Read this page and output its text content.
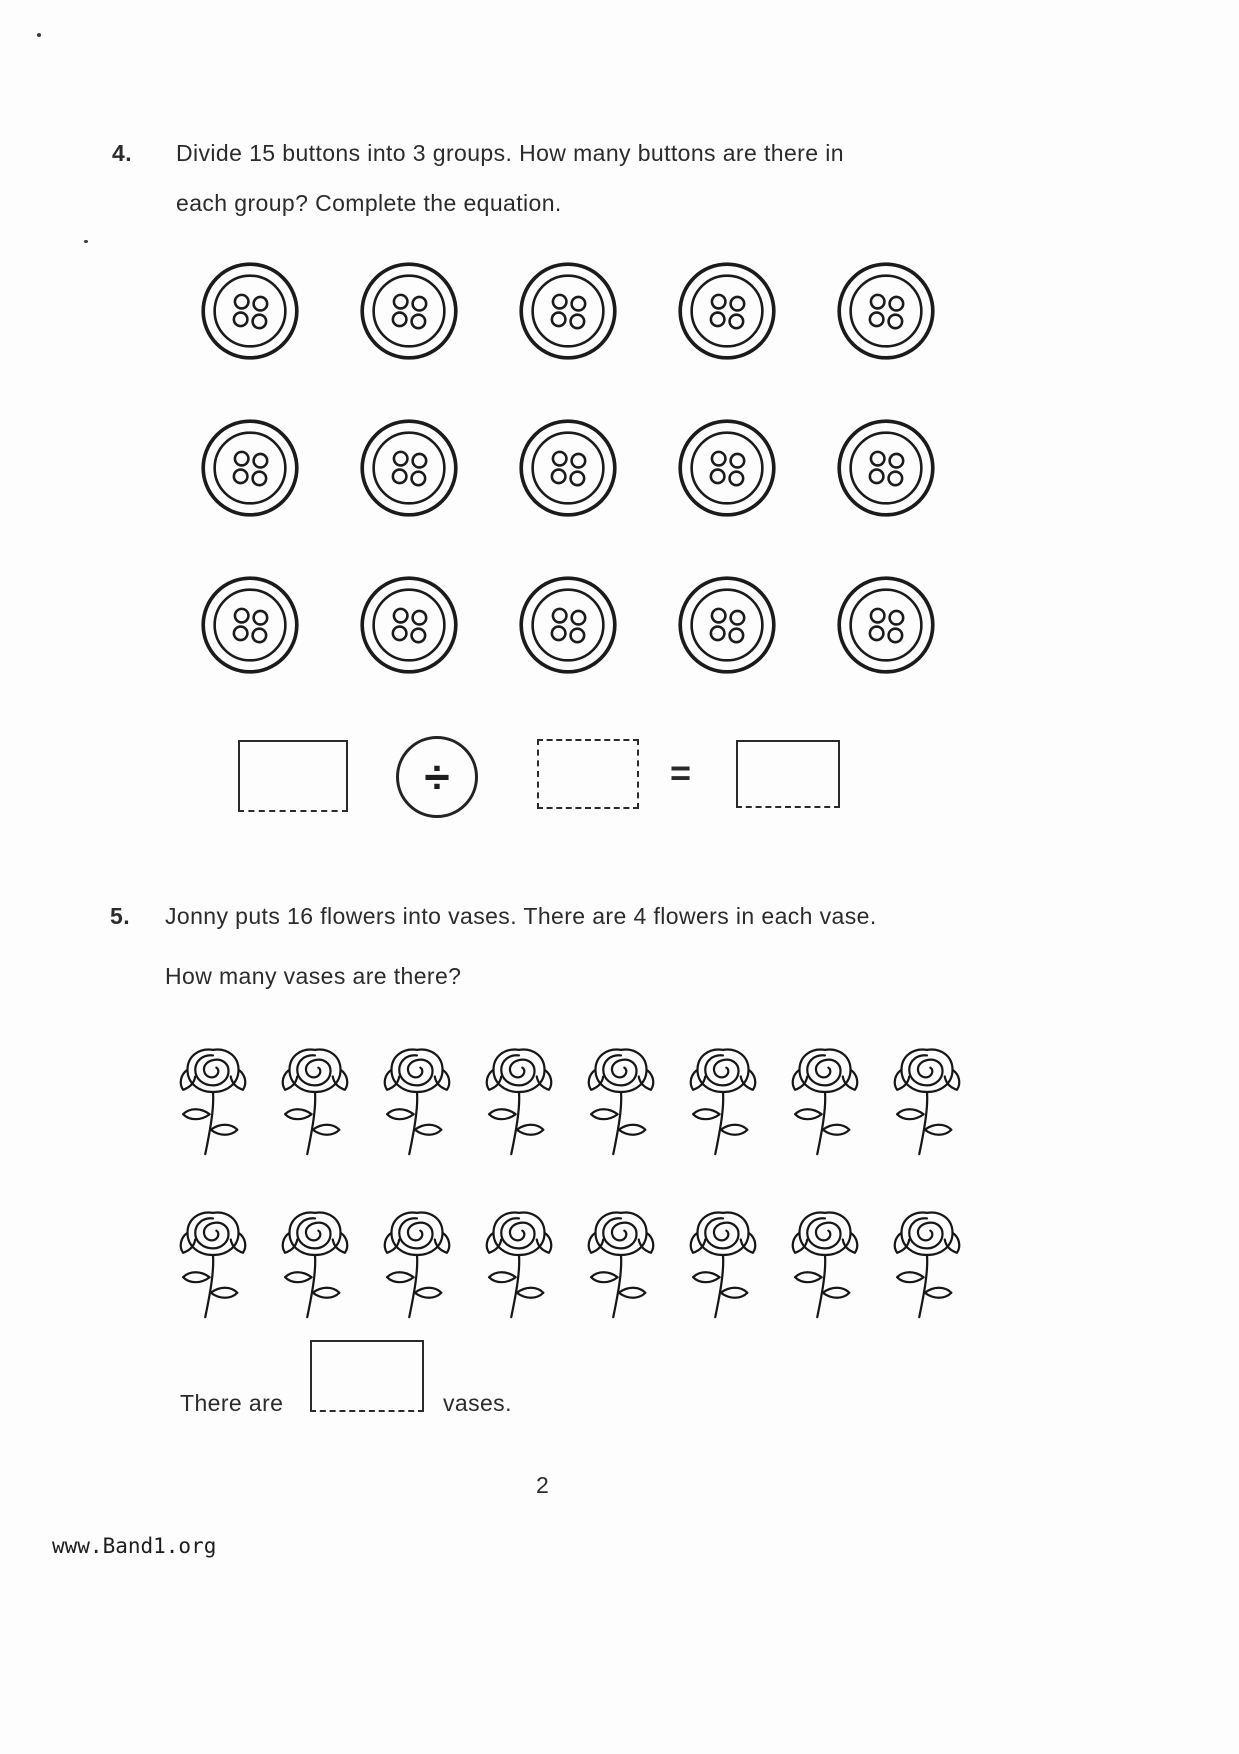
4. Divide 15 buttons into 3 groups. How many buttons are there in
each group? Complete the equation.
÷	=
5. Jonny puts 16 flowers into vases. There are 4 flowers in each vase.
How many vases are there?
There are	vases.
2
www.Band1.org
